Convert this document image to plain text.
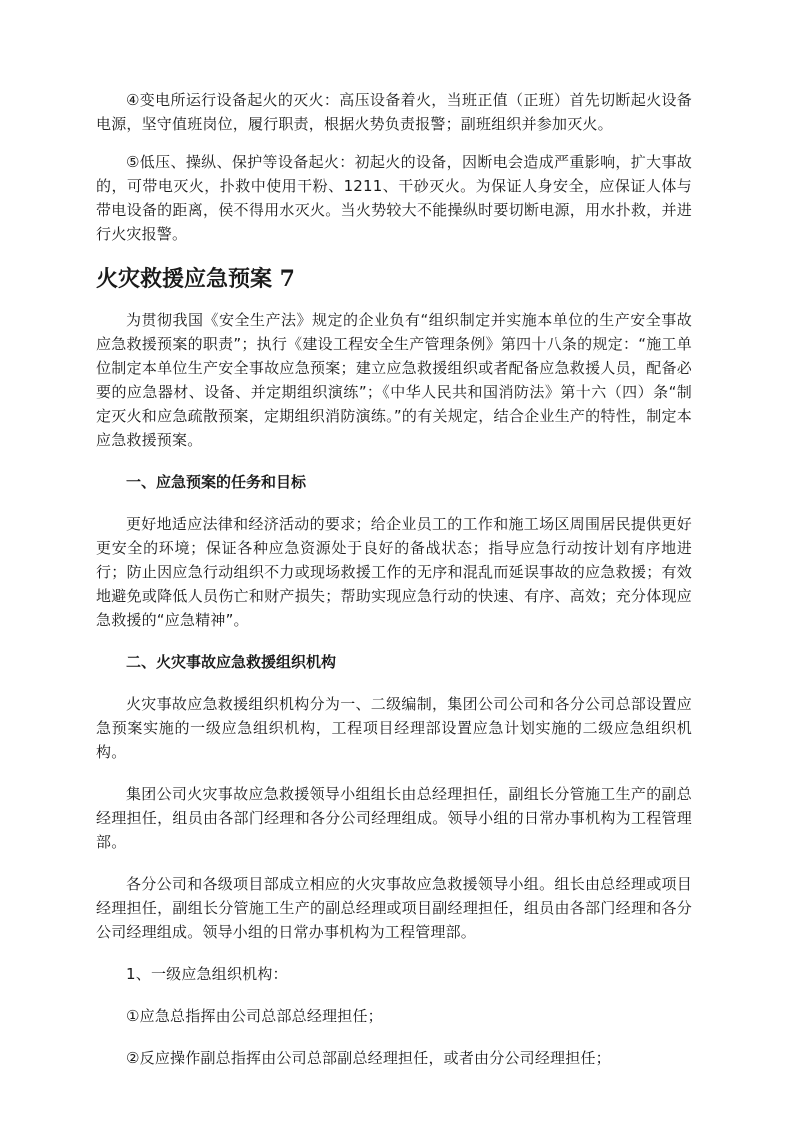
④变电所运行设备起火的灭火：高压设备着火，当班正值（正班）首先切断起火设备电源，坚守值班岗位，履行职责，根据火势负责报警；副班组织并参加灭火。

⑤低压、操纵、保护等设备起火：初起火的设备，因断电会造成严重影响，扩大事故的，可带电灭火，扑救中使用干粉、1211、干砂灭火。为保证人身安全，应保证人体与带电设备的距离，侯不得用水灭火。当火势较大不能操纵时要切断电源，用水扑救，并进行火灾报警。

火灾救援应急预案 7

为贯彻我国《安全生产法》规定的企业负有“组织制定并实施本单位的生产安全事故应急救援预案的职责”；执行《建设工程安全生产管理条例》第四十八条的规定：“施工单位制定本单位生产安全事故应急预案；建立应急救援组织或者配备应急救援人员，配备必要的应急器材、设备、并定期组织演练”；《中华人民共和国消防法》第十六（四）条“制定灭火和应急疏散预案，定期组织消防演练。”的有关规定，结合企业生产的特性，制定本应急救援预案。

一、应急预案的任务和目标

更好地适应法律和经济活动的要求；给企业员工的工作和施工场区周围居民提供更好更安全的环境；保证各种应急资源处于良好的备战状态；指导应急行动按计划有序地进行；防止因应急行动组织不力或现场救援工作的无序和混乱而延误事故的应急救援；有效地避免或降低人员伤亡和财产损失；帮助实现应急行动的快速、有序、高效；充分体现应急救援的“应急精神”。

二、火灾事故应急救援组织机构

火灾事故应急救援组织机构分为一、二级编制，集团公司公司和各分公司总部设置应急预案实施的一级应急组织机构，工程项目经理部设置应急计划实施的二级应急组织机构。

集团公司火灾事故应急救援领导小组组长由总经理担任，副组长分管施工生产的副总经理担任，组员由各部门经理和各分公司经理组成。领导小组的日常办事机构为工程管理部。

各分公司和各级项目部成立相应的火灾事故应急救援领导小组。组长由总经理或项目经理担任，副组长分管施工生产的副总经理或项目副经理担任，组员由各部门经理和各分公司经理组成。领导小组的日常办事机构为工程管理部。

1、一级应急组织机构：

①应急总指挥由公司总部总经理担任；

②反应操作副总指挥由公司总部副总经理担任，或者由分公司经理担任；
